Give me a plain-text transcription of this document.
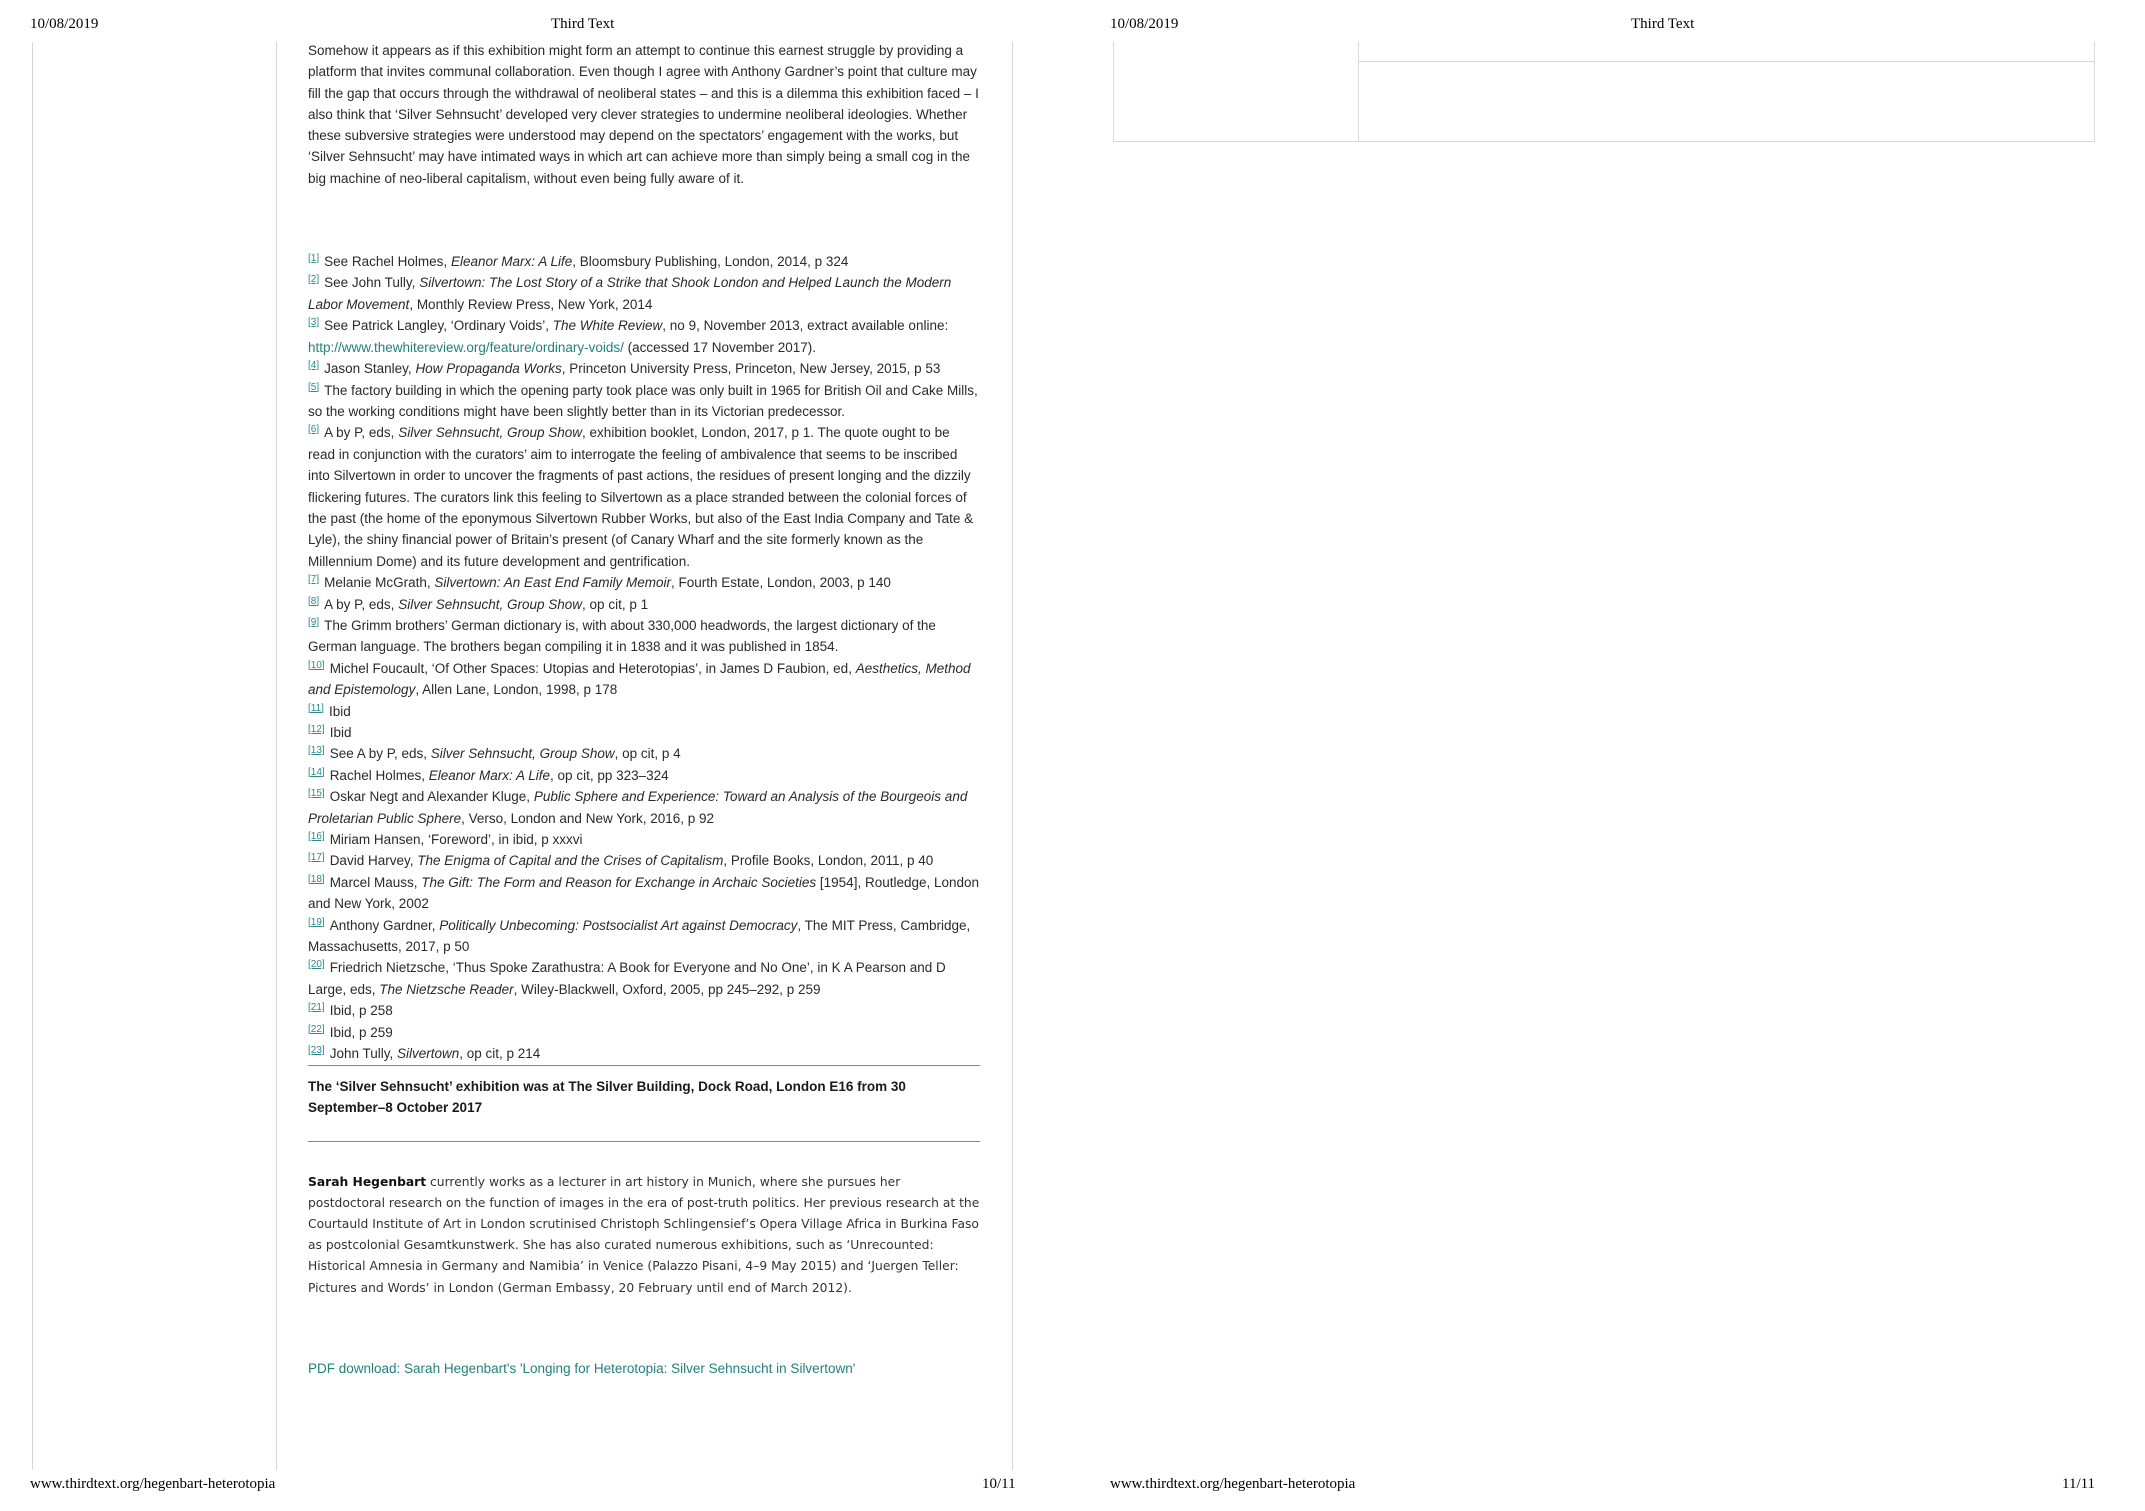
10/08/2019	Third Text

Somehow it appears as if this exhibition might form an attempt to continue this earnest struggle by providing a platform that invites communal collaboration. Even though I agree with Anthony Gardner’s point that culture may fill the gap that occurs through the withdrawal of neoliberal states – and this is a dilemma this exhibition faced – I also think that ‘Silver Sehnsucht’ developed very clever strategies to undermine neoliberal ideologies. Whether these subversive strategies were understood may depend on the spectators’ engagement with the works, but ‘Silver Sehnsucht’ may have intimated ways in which art can achieve more than simply being a small cog in the big machine of neo-liberal capitalism, without even being fully aware of it.

[1] See Rachel Holmes, Eleanor Marx: A Life, Bloomsbury Publishing, London, 2014, p 324

[2] See John Tully, Silvertown: The Lost Story of a Strike that Shook London and Helped Launch the Modern Labor Movement, Monthly Review Press, New York, 2014

[3] See Patrick Langley, ‘Ordinary Voids’, The White Review, no 9, November 2013, extract available online: http://www.thewhitereview.org/feature/ordinary-voids/ (accessed 17 November 2017).

[4] Jason Stanley, How Propaganda Works, Princeton University Press, Princeton, New Jersey, 2015, p 53

[5] The factory building in which the opening party took place was only built in 1965 for British Oil and Cake Mills, so the working conditions might have been slightly better than in its Victorian predecessor.

[6] A by P, eds, Silver Sehnsucht, Group Show, exhibition booklet, London, 2017, p 1. The quote ought to be read in conjunction with the curators’ aim to interrogate the feeling of ambivalence that seems to be inscribed into Silvertown in order to uncover the fragments of past actions, the residues of present longing and the dizzily flickering futures. The curators link this feeling to Silvertown as a place stranded between the colonial forces of the past (the home of the eponymous Silvertown Rubber Works, but also of the East India Company and Tate & Lyle), the shiny financial power of Britain’s present (of Canary Wharf and the site formerly known as the Millennium Dome) and its future development and gentrification.

[7] Melanie McGrath, Silvertown: An East End Family Memoir, Fourth Estate, London, 2003, p 140

[8] A by P, eds, Silver Sehnsucht, Group Show, op cit, p 1

[9] The Grimm brothers’ German dictionary is, with about 330,000 headwords, the largest dictionary of the German language. The brothers began compiling it in 1838 and it was published in 1854.

[10] Michel Foucault, ‘Of Other Spaces: Utopias and Heterotopias’, in James D Faubion, ed, Aesthetics, Method and Epistemology, Allen Lane, London, 1998, p 178

[11] Ibid

[12] Ibid

[13] See A by P, eds, Silver Sehnsucht, Group Show, op cit, p 4

[14] Rachel Holmes, Eleanor Marx: A Life, op cit, pp 323–324

[15] Oskar Negt and Alexander Kluge, Public Sphere and Experience: Toward an Analysis of the Bourgeois and Proletarian Public Sphere, Verso, London and New York, 2016, p 92

[16] Miriam Hansen, ‘Foreword’, in ibid, p xxxvi

[17] David Harvey, The Enigma of Capital and the Crises of Capitalism, Profile Books, London, 2011, p 40

[18] Marcel Mauss, The Gift: The Form and Reason for Exchange in Archaic Societies [1954], Routledge, London and New York, 2002

[19] Anthony Gardner, Politically Unbecoming: Postsocialist Art against Democracy, The MIT Press, Cambridge, Massachusetts, 2017, p 50

[20] Friedrich Nietzsche, ‘Thus Spoke Zarathustra: A Book for Everyone and No One’, in K A Pearson and D Large, eds, The Nietzsche Reader, Wiley-Blackwell, Oxford, 2005, pp 245–292, p 259

[21] Ibid, p 258

[22] Ibid, p 259

[23] John Tully, Silvertown, op cit, p 214

The ‘Silver Sehnsucht’ exhibition was at The Silver Building, Dock Road, London E16 from 30 September–8 October 2017

Sarah Hegenbart currently works as a lecturer in art history in Munich, where she pursues her postdoctoral research on the function of images in the era of post-truth politics. Her previous research at the Courtauld Institute of Art in London scrutinised Christoph Schlingensief’s Opera Village Africa in Burkina Faso as postcolonial Gesamtkunstwerk. She has also curated numerous exhibitions, such as ‘Unrecounted: Historical Amnesia in Germany and Namibia’ in Venice (Palazzo Pisani, 4–9 May 2015) and ‘Juergen Teller: Pictures and Words’ in London (German Embassy, 20 February until end of March 2012).

PDF download: Sarah Hegenbart's 'Longing for Heterotopia: Silver Sehnsucht in Silvertown'
www.thirdtext.org/hegenbart-heterotopia	10/11
10/08/2019	Third Text
www.thirdtext.org/hegenbart-heterotopia	11/11
